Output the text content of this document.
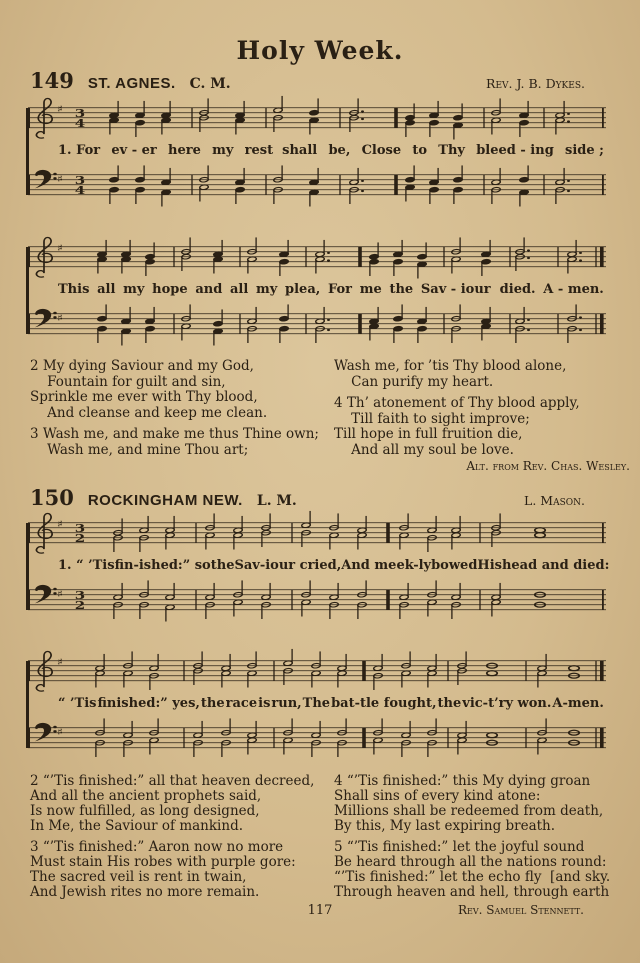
Holy Week.
149 ST. AGNES. C. M.	Rev. J. B. Dykes.
♯ 3
4
1. For ev - er here my rest  shall be, Close to Thy bleed - ing side ;
♯ 3
4
♯
This all my hope and all my plea, For me the Sav - iour  died. A - men.
♯
2 My dying Saviour and my God,
Fountain for guilt and sin,
Sprinkle me ever with Thy blood,
And cleanse and keep me clean.
3 Wash me, and make me thus Thine own;
Wash me, and mine Thou art;
Wash me, for ’tis Thy blood alone,
Can purify my heart.
4 Th’ atonement of Thy blood apply,
Till faith to sight improve;
Till hope in full fruition die,
And all my soul be love.
Alt. from Rev. Chas. Wesley.
150 ROCKINGHAM NEW. L. M.	L. Mason.
♯ 3
2
1. “ ’Tis fin-ished:” so the Sav-iour cried, And meek-ly bowed His head and died:
♯ 3
2
♯
“ ’Tis finished:” yes, the race is run, The bat-tle fought, the vic-t’ry won. A-men.
♯
2 “’Tis finished:” all that heaven decreed,
And all the ancient prophets said,
Is now fulfilled, as long designed,
In Me, the Saviour of mankind.
3 “’Tis finished:” Aaron now no more
Must stain His robes with purple gore:
The sacred veil is rent in twain,
And Jewish rites no more remain.
4 “’Tis finished:” this My dying groan
Shall sins of every kind atone:
Millions shall be redeemed from death,
By this, My last expiring breath.
5 “’Tis finished:” let the joyful sound
Be heard through all the nations round:
“’Tis finished:” let the echo fly  [and sky.
Through heaven and hell, through earth
117	Rev. Samuel Stennett.
